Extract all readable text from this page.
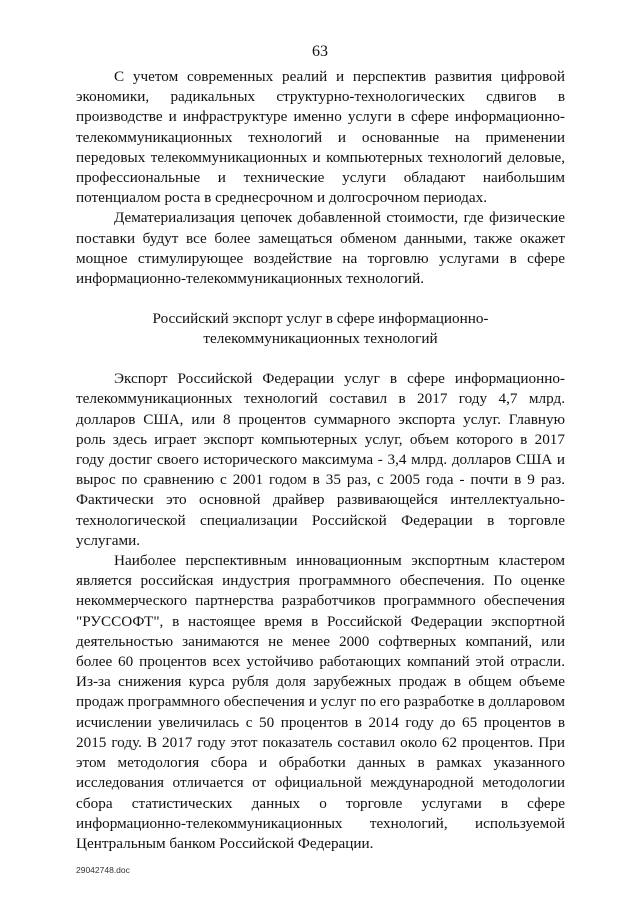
63

С учетом современных реалий и перспектив развития цифровой экономики, радикальных структурно-технологических сдвигов в производстве и инфраструктуре именно услуги в сфере информационно-телекоммуникационных технологий и основанные на применении передовых телекоммуникационных и компьютерных технологий деловые, профессиональные и технические услуги обладают наибольшим потенциалом роста в среднесрочном и долгосрочном периодах.

Дематериализация цепочек добавленной стоимости, где физические поставки будут все более замещаться обменом данными, также окажет мощное стимулирующее воздействие на торговлю услугами в сфере информационно-телекоммуникационных технологий.

Российский экспорт услуг в сфере информационно-
телекоммуникационных технологий

Экспорт Российской Федерации услуг в сфере информационно-телекоммуникационных технологий составил в 2017 году 4,7 млрд. долларов США, или 8 процентов суммарного экспорта услуг. Главную роль здесь играет экспорт компьютерных услуг, объем которого в 2017 году достиг своего исторического максимума - 3,4 млрд. долларов США и вырос по сравнению с 2001 годом в 35 раз, с 2005 года - почти в 9 раз. Фактически это основной драйвер развивающейся интеллектуально-технологической специализации Российской Федерации в торговле услугами.

Наиболее перспективным инновационным экспортным кластером является российская индустрия программного обеспечения. По оценке некоммерческого партнерства разработчиков программного обеспечения "РУССОФТ", в настоящее время в Российской Федерации экспортной деятельностью занимаются не менее 2000 софтверных компаний, или более 60 процентов всех устойчиво работающих компаний этой отрасли. Из-за снижения курса рубля доля зарубежных продаж в общем объеме продаж программного обеспечения и услуг по его разработке в долларовом исчислении увеличилась с 50 процентов в 2014 году до 65 процентов в 2015 году. В 2017 году этот показатель составил около 62 процентов. При этом методология сбора и обработки данных в рамках указанного исследования отличается от официальной международной методологии сбора статистических данных о торговле услугами в сфере информационно-телекоммуникационных технологий, используемой Центральным банком Российской Федерации.

29042748.doc
